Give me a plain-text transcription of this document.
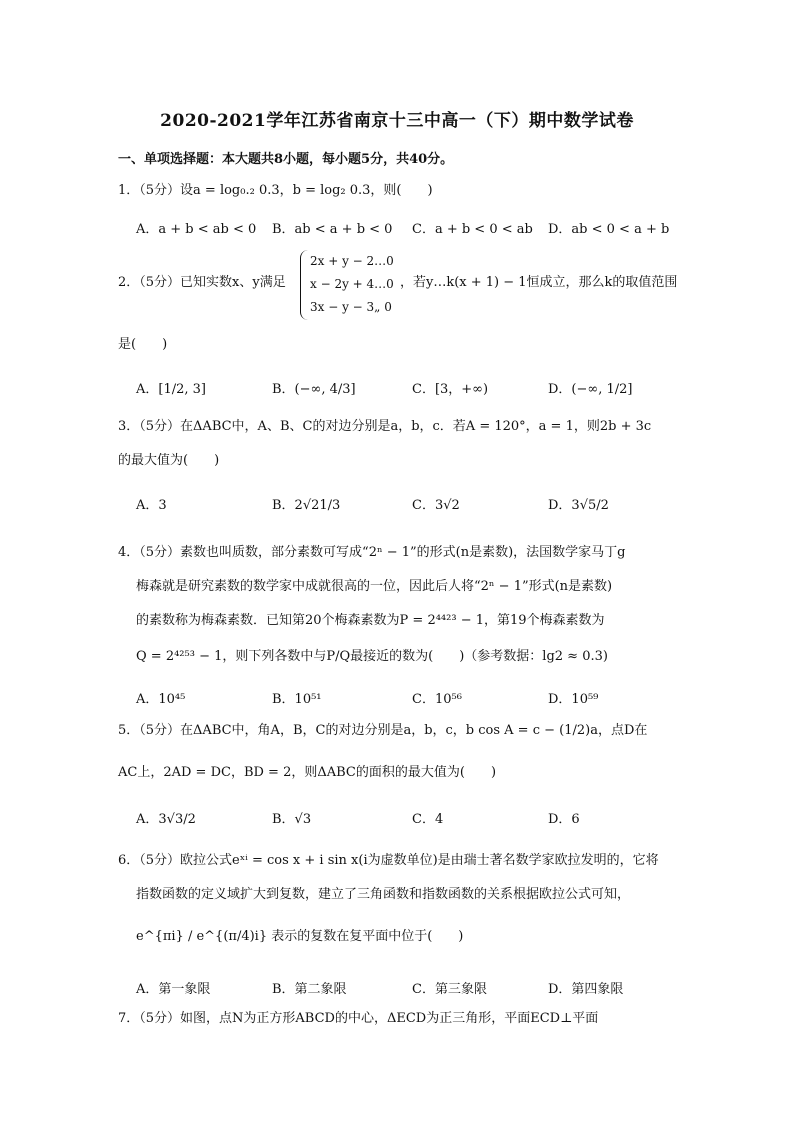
2020-2021学年江苏省南京十三中高一（下）期中数学试卷
一、单项选择题：本大题共8小题，每小题5分，共40分。
1．（5分）设a = log₀.₂ 0.3，b = log₂ 0.3，则(　　)
A．a + b < ab < 0 B．ab < a + b < 0 C．a + b < 0 < ab D．ab < 0 < a + b
2．（5分）已知实数x、y满足
2x + y − 2…0
x − 2y + 4…0
3x − y − 3„ 0
，若y…k(x + 1) − 1恒成立，那么k的取值范围
是(　　)
A．[1/2, 3]	B．(−∞, 4/3]	C．[3，+∞)	D．(−∞, 1/2]
3．（5分）在ΔABC中，A、B、C的对边分别是a，b，c．若A = 120°，a = 1，则2b + 3c
的最大值为(　　)
A．3	B．2√21/3	C．3√2	D．3√5/2
4．（5分）素数也叫质数，部分素数可写成“2ⁿ − 1”的形式(n是素数)，法国数学家马丁g
梅森就是研究素数的数学家中成就很高的一位，因此后人将“2ⁿ − 1”形式(n是素数)
的素数称为梅森素数．已知第20个梅森素数为P = 2⁴⁴²³ − 1，第19个梅森素数为
Q = 2⁴²⁵³ − 1，则下列各数中与P/Q最接近的数为(　　)（参考数据：lg2 ≈ 0.3)
A．10⁴⁵	B．10⁵¹	C．10⁵⁶	D．10⁵⁹
5．（5分）在ΔABC中，角A，B，C的对边分别是a，b，c，b cos A = c − (1/2)a，点D在
AC上，2AD = DC，BD = 2，则ΔABC的面积的最大值为(　　)
A．3√3/2	B．√3	C．4	D．6
6．（5分）欧拉公式eˣⁱ = cos x + i sin x(i为虚数单位)是由瑞士著名数学家欧拉发明的，它将
指数函数的定义域扩大到复数，建立了三角函数和指数函数的关系根据欧拉公式可知，
e^{πi} / e^{(π/4)i} 表示的复数在复平面中位于(　　)
A．第一象限	B．第二象限	C．第三象限	D．第四象限
7．（5分）如图，点N为正方形ABCD的中心，ΔECD为正三角形，平面ECD⊥平面
